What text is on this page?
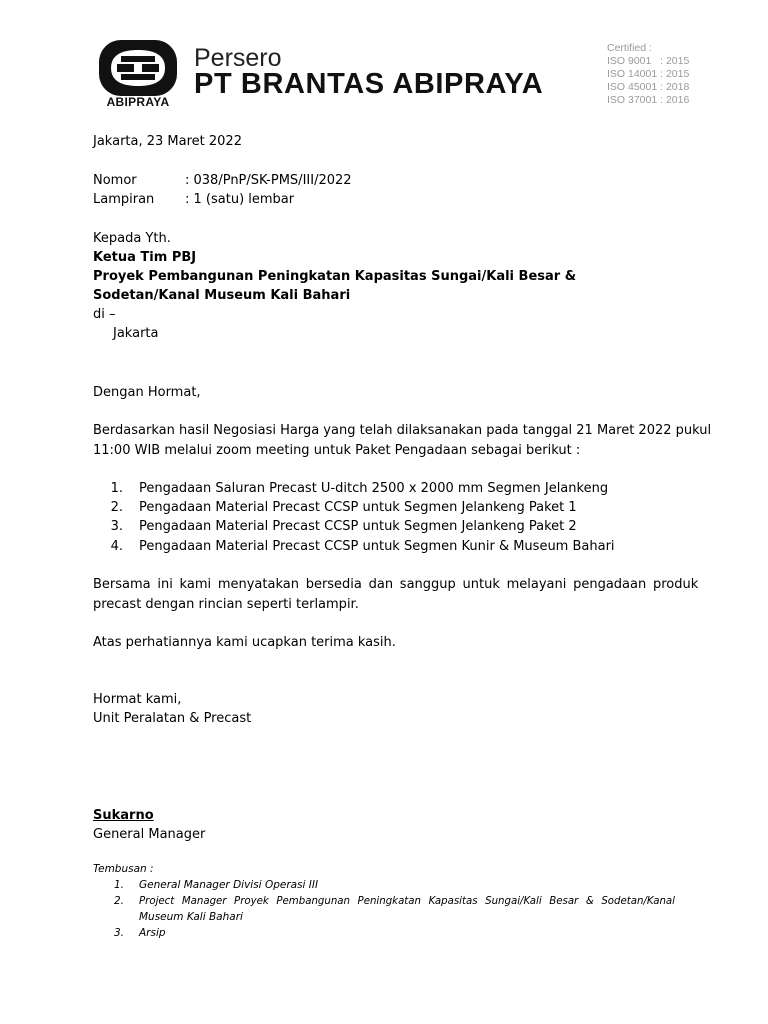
ABIPRAYA
Persero
PT BRANTAS ABIPRAYA
Certified :
ISO 9001   : 2015
ISO 14001 : 2015
ISO 45001 : 2018
ISO 37001 : 2016
Jakarta, 23 Maret 2022
Nomor	: 038/PnP/SK-PMS/III/2022
Lampiran : 1 (satu) lembar
Kepada Yth.
Ketua Tim PBJ
Proyek Pembangunan Peningkatan Kapasitas Sungai/Kali Besar &
Sodetan/Kanal Museum Kali Bahari
di –
Jakarta
Dengan Hormat,
Berdasarkan hasil Negosiasi Harga yang telah dilaksanakan pada tanggal 21 Maret 2022 pukul
11:00 WIB melalui zoom meeting untuk Paket Pengadaan sebagai berikut :
1. Pengadaan Saluran Precast U-ditch 2500 x 2000 mm Segmen Jelankeng
2. Pengadaan Material Precast CCSP untuk Segmen Jelankeng Paket 1
3. Pengadaan Material Precast CCSP untuk Segmen Jelankeng Paket 2
4. Pengadaan Material Precast CCSP untuk Segmen Kunir & Museum Bahari
Bersama ini kami menyatakan bersedia dan sanggup untuk melayani pengadaan produk
precast dengan rincian seperti terlampir.
Atas perhatiannya kami ucapkan terima kasih.
Hormat kami,
Unit Peralatan & Precast
Sukarno
General Manager
Tembusan :
1. General Manager Divisi Operasi III
2. Project Manager Proyek Pembangunan Peningkatan Kapasitas Sungai/Kali Besar & Sodetan/Kanal
Museum Kali Bahari
3. Arsip
